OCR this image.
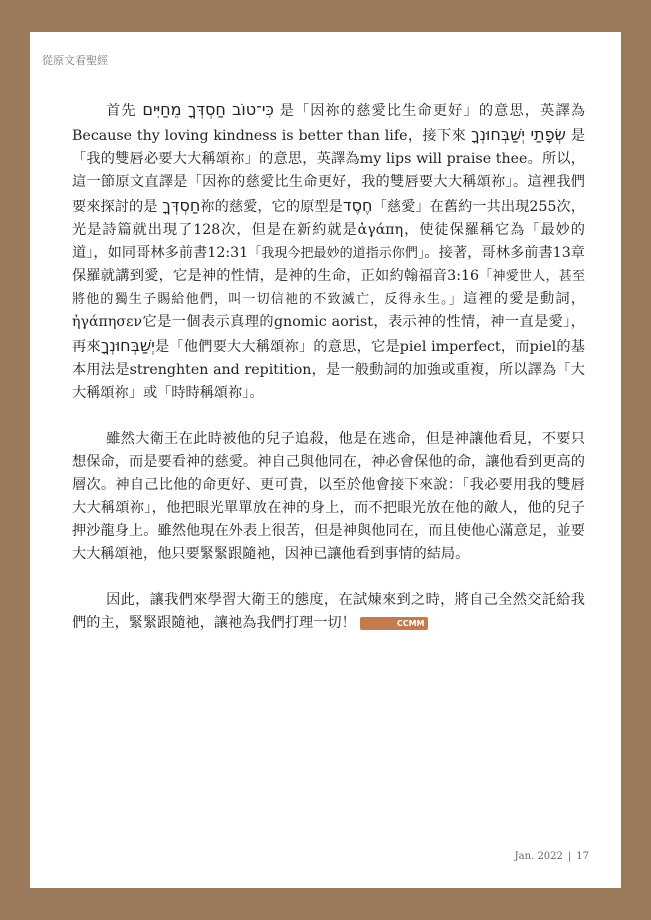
從原文看聖經

首先 כִּי־טוֹב חַסְדְּךָ מֵחַיִּים 是「因祢的慈愛比生命更好」的意思，英譯為Because thy loving kindness is better than life，接下來 שְׂפָתַי יְשַׁבְּחוּנְךָ 是「我的雙唇必要大大稱頌祢」的意思，英譯為my lips will praise thee。所以，這一節原文直譯是「因祢的慈愛比生命更好，我的雙唇要大大稱頌祢」。這裡我們要來探討的是 חַסְדְּךָ祢的慈愛，它的原型是חֶסֶד「慈愛」在舊約一共出現255次，光是詩篇就出現了128次，但是在新約就是ἀγάπη，使徒保羅稱它為「最妙的道」，如同哥林多前書12:31「我現今把最妙的道指示你們」。接著，哥林多前書13章保羅就講到愛，它是神的性情，是神的生命，正如約翰福音3:16「神愛世人，甚至將他的獨生子賜給他們，叫一切信祂的不致滅亡，反得永生。」這裡的愛是動詞，ἠγάπησεν它是一個表示真理的gnomic aorist，表示神的性情，神一直是愛」，再來יְשַׁבְּחוּנְךָ是「他們要大大稱頌祢」的意思，它是piel imperfect，而piel的基本用法是strenghten and repitition，是一般動詞的加強或重複，所以譯為「大大稱頌祢」或「時時稱頌祢」。

雖然大衛王在此時被他的兒子追殺，他是在逃命，但是神讓他看見，不要只想保命，而是要看神的慈愛。神自己與他同在，神必會保他的命，讓他看到更高的層次。神自己比他的命更好、更可貴，以至於他會接下來說：「我必要用我的雙唇大大稱頌祢」，他把眼光單單放在神的身上，而不把眼光放在他的敵人，他的兒子押沙龍身上。雖然他現在外表上很苦，但是神與他同在，而且使他心滿意足，並要大大稱頌祂，他只要緊緊跟隨祂，因神已讓他看到事情的結局。

因此，讓我們來學習大衛王的態度，在試煉來到之時，將自己全然交託給我們的主，緊緊跟隨祂，讓祂為我們打理一切！	CCMM

Jan. 2022 | 17
